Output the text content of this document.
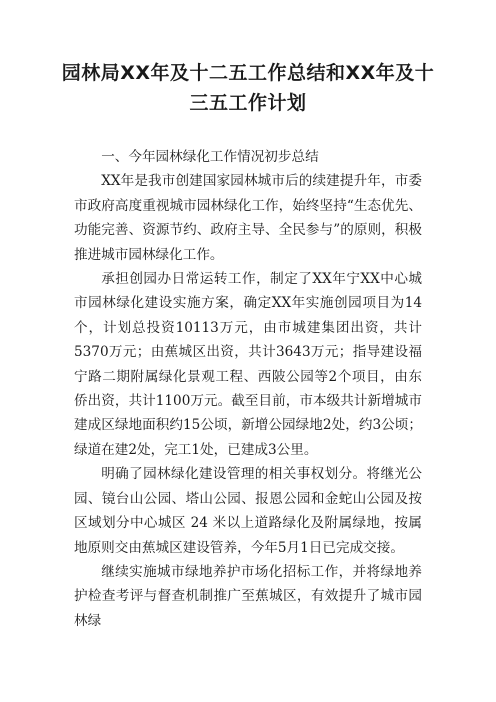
园林局XX年及十二五工作总结和XX年及十
三五工作计划

一、今年园林绿化工作情况初步总结

XX年是我市创建国家园林城市后的续建提升年，市委市政府高度重视城市园林绿化工作，始终坚持“生态优先、功能完善、资源节约、政府主导、全民参与”的原则，积极推进城市园林绿化工作。

承担创园办日常运转工作，制定了XX年宁XX中心城市园林绿化建设实施方案，确定XX年实施创园项目为14个，计划总投资10113万元，由市城建集团出资，共计5370万元；由蕉城区出资，共计3643万元；指导建设福宁路二期附属绿化景观工程、西陂公园等2个项目，由东侨出资，共计1100万元。截至目前，市本级共计新增城市建成区绿地面积约15公顷，新增公园绿地2处，约3公顷；绿道在建2处，完工1处，已建成3公里。

明确了园林绿化建设管理的相关事权划分。将继光公园、镜台山公园、塔山公园、报恩公园和金蛇山公园及按区域划分中心城区 24 米以上道路绿化及附属绿地，按属地原则交由蕉城区建设管养，今年5月1日已完成交接。

继续实施城市绿地养护市场化招标工作，并将绿地养护检查考评与督查机制推广至蕉城区，有效提升了城市园林绿
